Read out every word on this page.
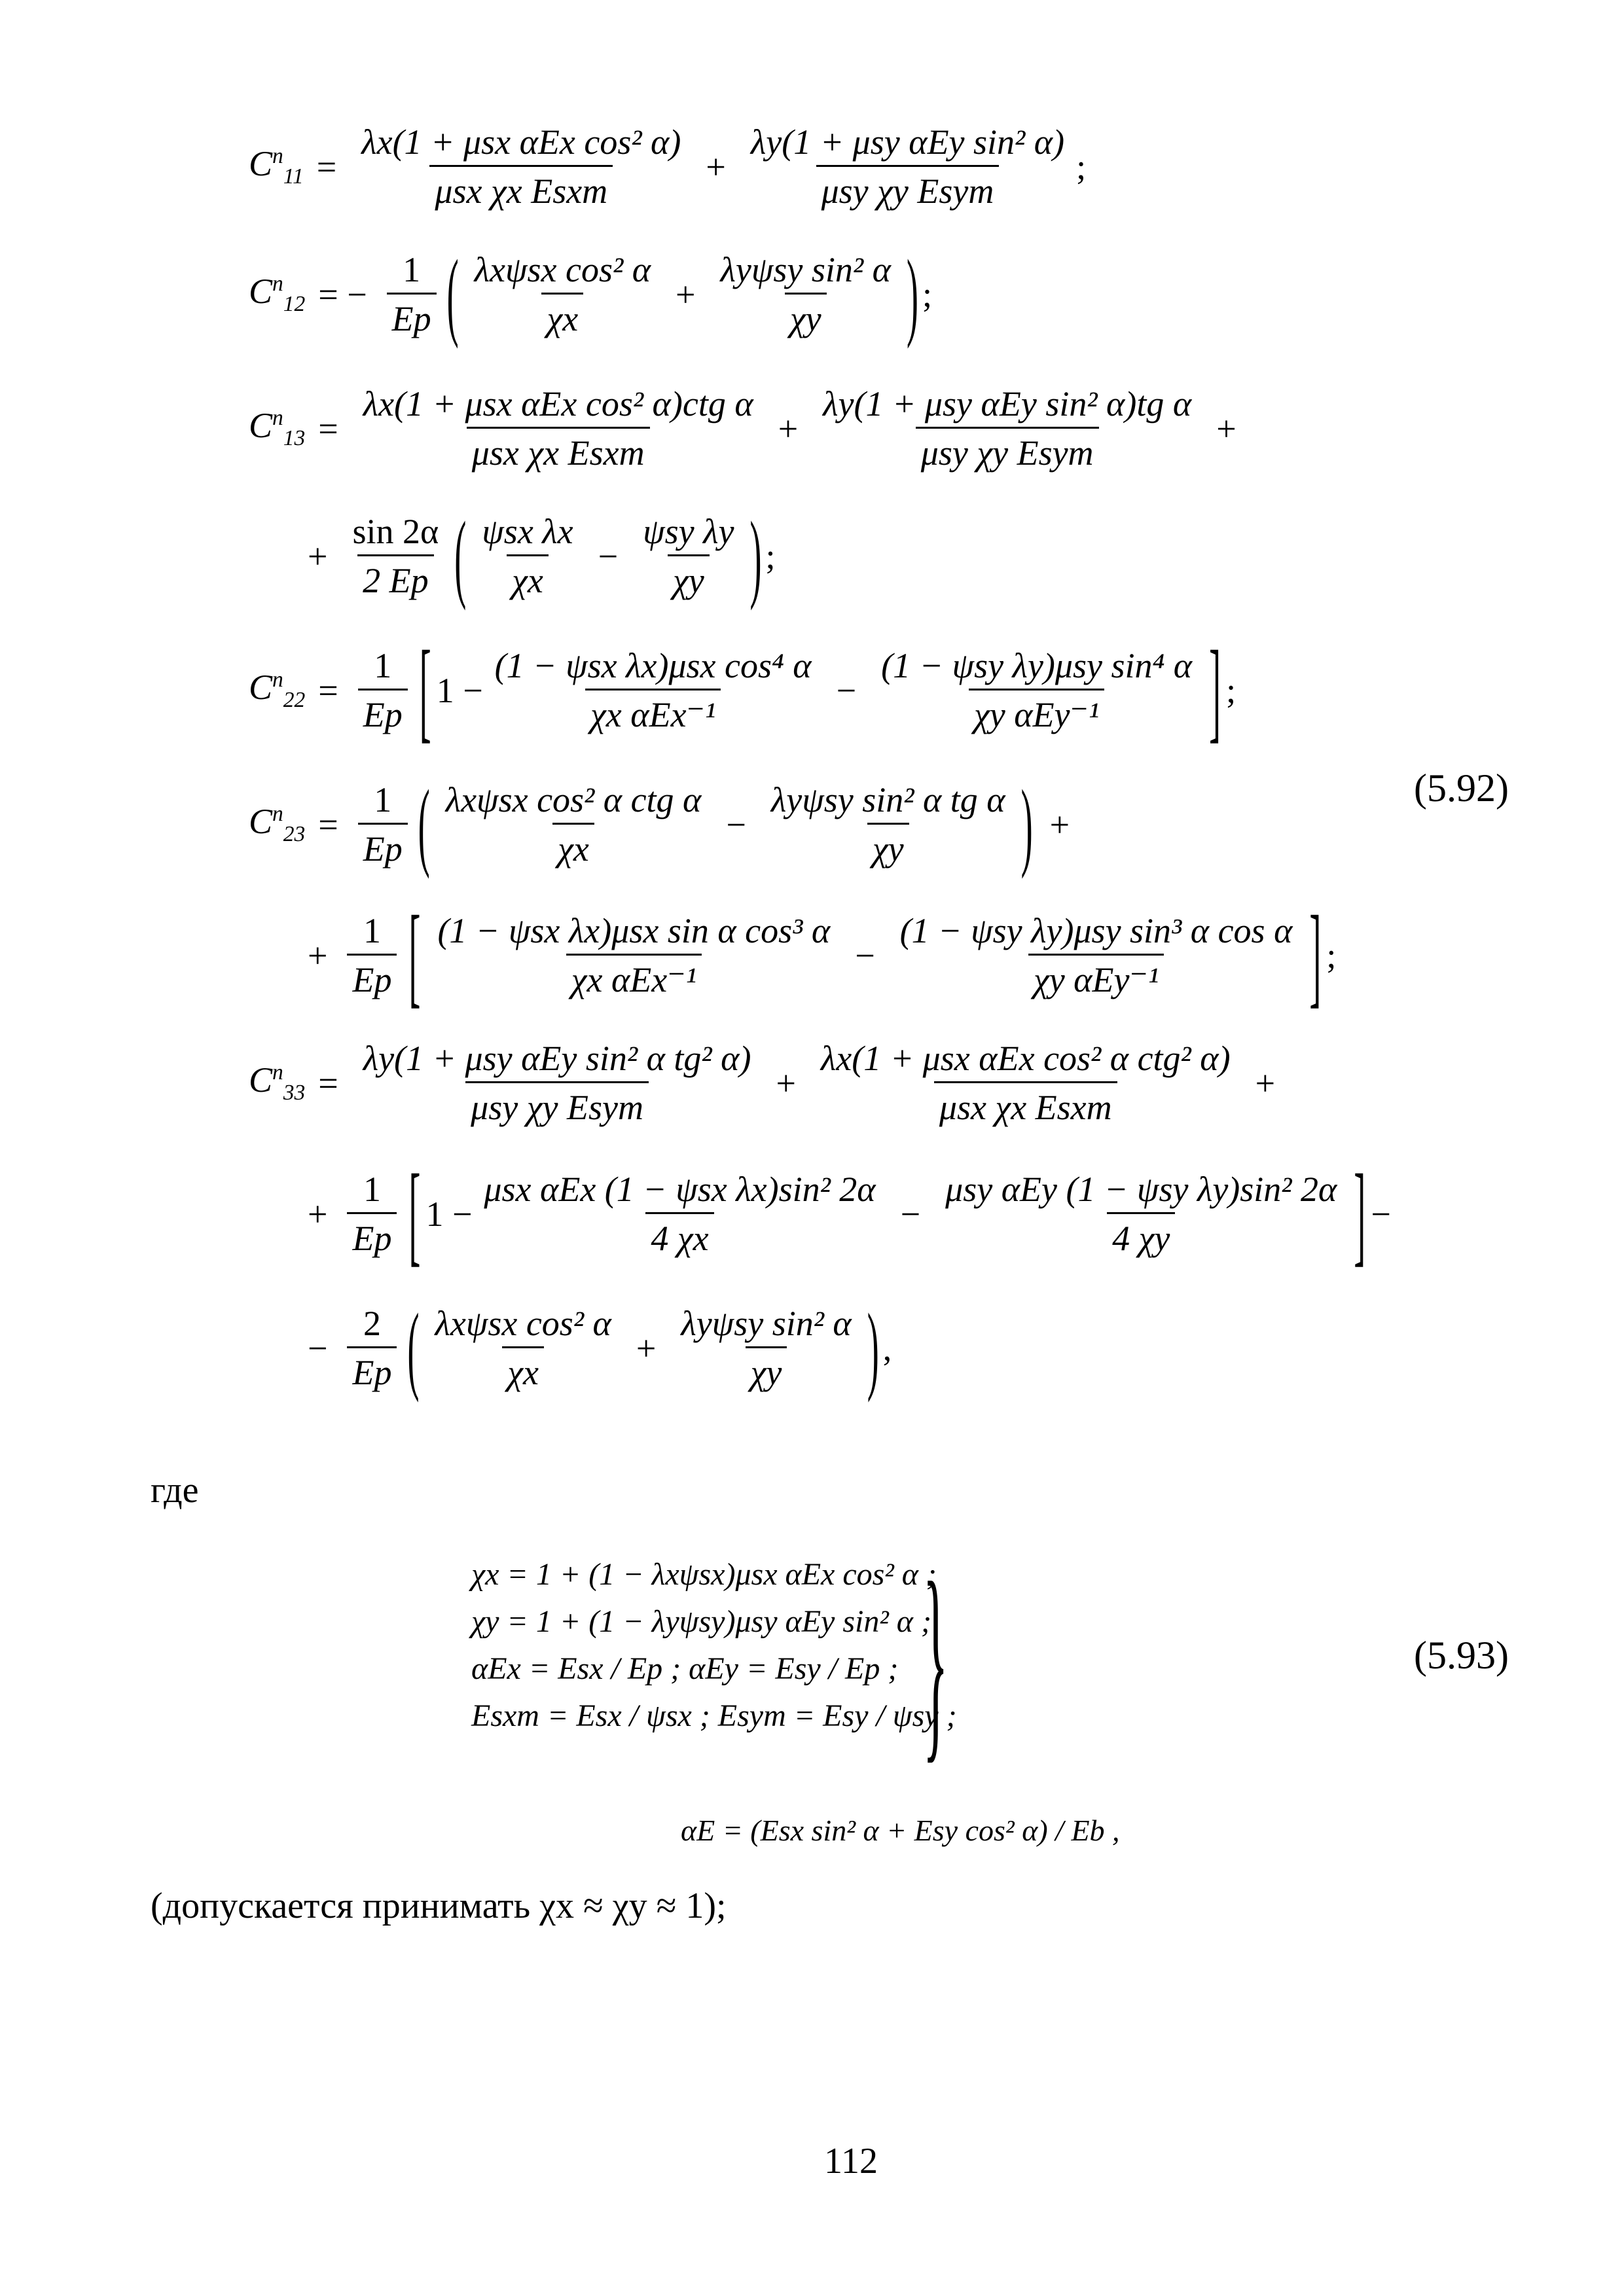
$C^n_{11} = \frac{\text{λx(1 + μsx αEx cos² α)}}{\text{μsx χx Esxm}} + \frac{\text{λy(1 + μsy αEy sin² α)}}{\text{μsy χy Esym}}$ ;
$C^n_{12}$ = − $\frac{1}{Ep}$ ( $\frac{\text{λxψsx cos² α}}{\chi x} + \frac{\text{λyψsy sin² α}}{\chi y}$ ) ;
$C^n_{13} = \frac{\text{λx(1 + μsx αEx cos² α)ctg α}}{\text{μsx χx Esxm}} + \frac{\text{λy(1 + μsy αEy sin² α)tg α}}{\text{μsy χy Esym}}$ +
+ $\frac{\sin 2\alpha}{2 Ep}$ ( $\frac{\text{ψsx λx}}{\chi x} - \frac{\text{ψsy λy}}{\chi y}$ ) ;
$C^n_{22} = \frac{1}{Ep}$ [ $1 - \frac{\text{(1 − ψsx λx)μsx cos⁴ α}}{\text{χx αEx⁻¹}} - \frac{\text{(1 − ψsy λy)μsy sin⁴ α}}{\text{χy αEy⁻¹}}$ ] ;
$C^n_{23} = \frac{1}{Ep}$ ( $\frac{\text{λxψsx cos² α ctg α}}{\chi x} - \frac{\text{λyψsy sin² α tg α}}{\chi y}$ ) +
(5.92)
+ $\frac{1}{Ep}$ [ $\frac{\text{(1 − ψsx λx)μsx sin α cos³ α}}{\text{χx αEx⁻¹}} - \frac{\text{(1 − ψsy λy)μsy sin³ α cos α}}{\text{χy αEy⁻¹}}$ ] ;
$C^n_{33} = \frac{\text{λy(1 + μsy αEy sin² α tg² α)}}{\text{μsy χy Esym}} + \frac{\text{λx(1 + μsx αEx cos² α ctg² α)}}{\text{μsx χx Esxm}}$ +
+ $\frac{1}{Ep}$ [ $1 - \frac{\text{μsx αEx (1 − ψsx λx)sin² 2α}}{4 \chi x} - \frac{\text{μsy αEy (1 − ψsy λy)sin² 2α}}{4 \chi y}$ ] −
− $\frac{2}{Ep}$ ( $\frac{\text{λxψsx cos² α}}{\chi x} + \frac{\text{λyψsy sin² α}}{\chi y}$ ) ,
где
χx = 1 + (1 − λxψsx)μsx αEx cos² α ;
χy = 1 + (1 − λyψsy)μsy αEy sin² α ;
αEx = Esx / Ep ; αEy = Esy / Ep ;
Esxm = Esx / ψsx ; Esym = Esy / ψsy ;
}	(5.93)
αE = (Esx sin² α + Esy cos² α) / Eb ,
(допускается принимать χx ≈ χy ≈ 1);
112
